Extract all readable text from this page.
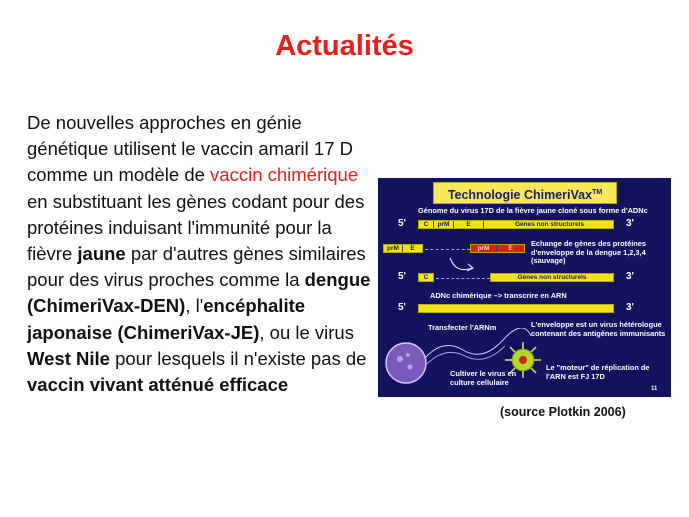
Actualités
De nouvelles approches en génie génétique utilisent le vaccin amaril 17 D comme un modèle de vaccin chimérique en substituant les gènes codant pour des protéines induisant l'immunité pour la fièvre jaune par d'autres gènes similaires pour des virus proches comme la dengue (ChimeriVax-DEN), l'encéphalite japonaise (ChimeriVax-JE), ou le virus West Nile pour lesquels il n'existe pas de vaccin vivant atténué efficace
Technologie ChimeriVax™
Génome du virus 17D de la fièvre jaune cloné sous forme d'ADNc
5'	C	prM	E	Gènes non structurels	3'
prM	E	prM	E
Echange de gènes des protéines d'enveloppe de la dengue 1,2,3,4 (sauvage)
5'	C	Gènes non structurels	3'
ADNc chimérique –> transcrire en ARN
5'	3'
Transfecter l'ARNm	L'enveloppe est un virus hétérologue contenant des antigènes immunisants
Cultiver le virus en culture cellulaire
Le "moteur" de réplication de l'ARN est FJ 17D
11
(source Plotkin 2006)
